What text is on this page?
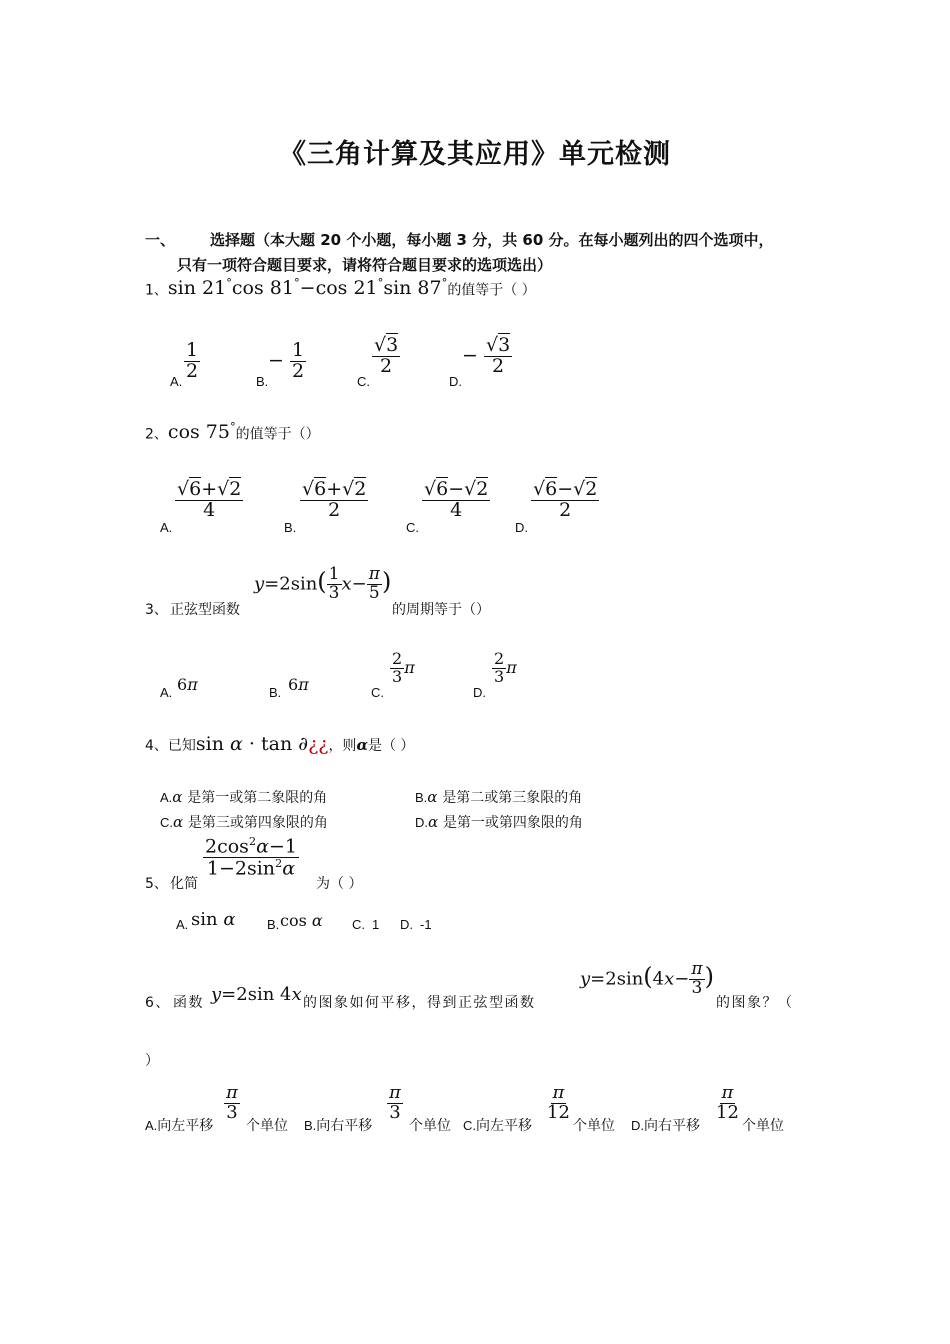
《三角计算及其应用》单元检测
一、 选择题（本大题 20 个小题，每小题 3 分，共 60 分。在每小题列出的四个选项中，
只有一项符合题目要求，请将符合题目要求的选项选出）
1、sin 21°cos 81°−cos 21°sin 87°的值等于（ ）
A. $\frac{1}{2}$	B.
− $\frac{1}{2}$	C.
$\frac{√3}{2}$
D.
− $\frac{√3}{2}$
2、cos 75°的值等于（）
A.
$\frac{√6+√2}{4}$
B.
$\frac{√6+√2}{2}$
C.
$\frac{√6-√2}{4}$
D.
$\frac{√6-√2}{2}$
3、 正弦型函数
$y=2\sin( \frac{1}{3} x- \frac{\pi}{5}$ )
的周期等于（）
A. 6π	B. 6π	C.
$\frac{2}{3}$ π
D.
$\frac{2}{3}$ π
4、已知sin α · tan ∂¿¿，则α是（ ）
A.α 是第一或第二象限的角	B.α 是第二或第三象限的角
C.α 是第三或第四象限的角	D.α 是第一或第四象限的角
5、 化简
$\frac{2\cos^2\alpha-1}{1-2\sin^2\alpha}$
为（ ）
A. sin α B. cos α C. 1 D. -1
6、 函数 y=2sin 4x 的图象如何平移，得到正弦型函数
$y=2\sin(4x- \frac{\pi}{3}$ )
的图象？（
）
A.向左平移
$\frac{\pi}{3}$
个单位 B.向右平移
$\frac{\pi}{3}$
个单位 C.向左平移
$\frac{\pi}{12}$
个单位 D.向右平移
$\frac{\pi}{12}$
个单位
